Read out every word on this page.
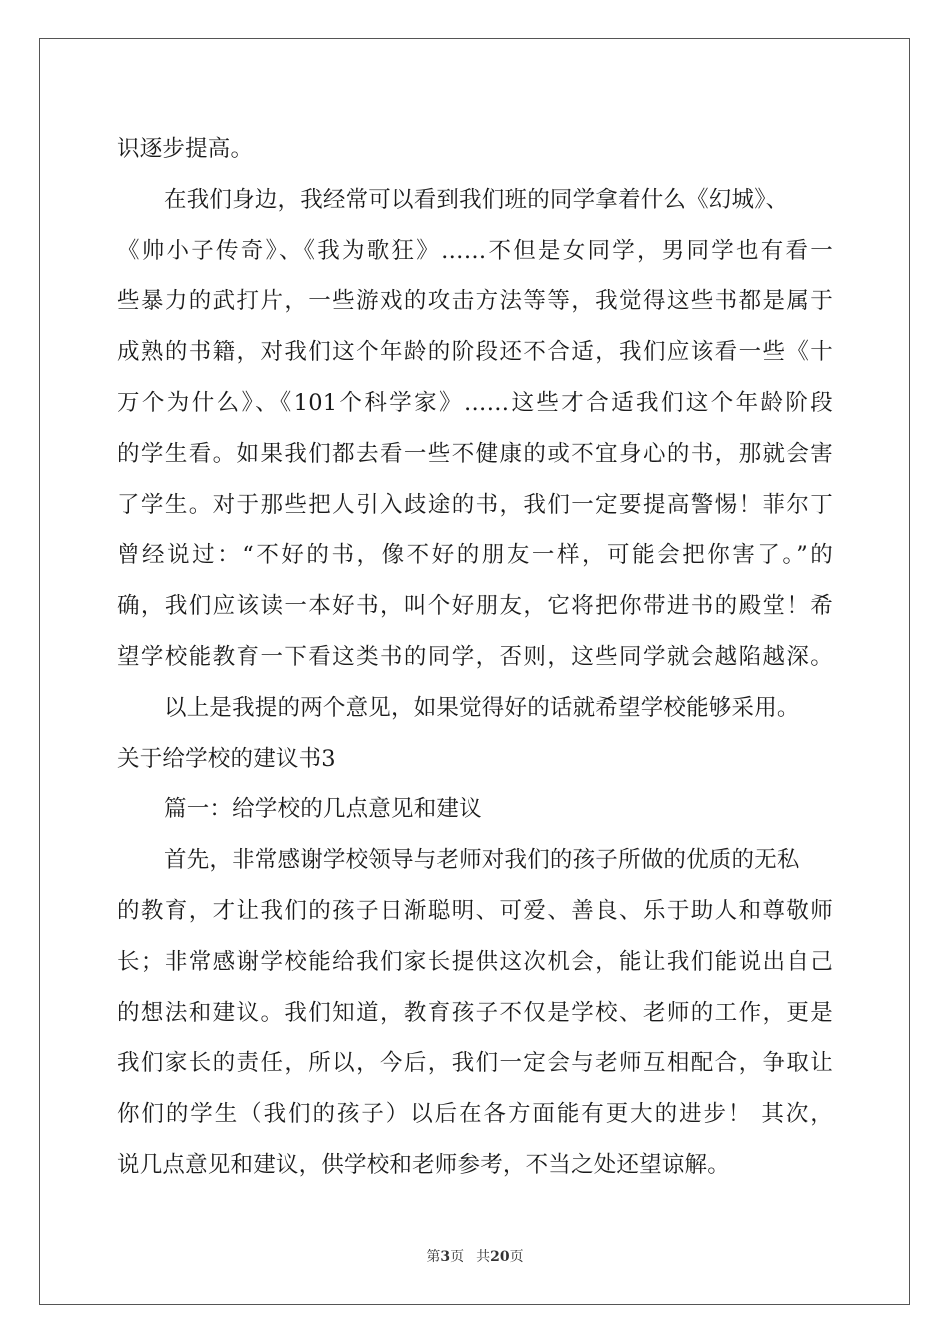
识逐步提高。
在我们身边，我经常可以看到我们班的同学拿着什么《幻城》、
《帅小子传奇》、《我为歌狂》……不但是女同学，男同学也有看一
些暴力的武打片，一些游戏的攻击方法等等，我觉得这些书都是属于
成熟的书籍，对我们这个年龄的阶段还不合适，我们应该看一些《十
万个为什么》、《101个科学家》……这些才合适我们这个年龄阶段
的学生看。如果我们都去看一些不健康的或不宜身心的书，那就会害
了学生。对于那些把人引入歧途的书，我们一定要提高警惕！菲尔丁
曾经说过：“不好的书，像不好的朋友一样，可能会把你害了。”的
确，我们应该读一本好书，叫个好朋友，它将把你带进书的殿堂！希
望学校能教育一下看这类书的同学，否则，这些同学就会越陷越深。
以上是我提的两个意见，如果觉得好的话就希望学校能够采用。
关于给学校的建议书3
篇一：给学校的几点意见和建议
首先，非常感谢学校领导与老师对我们的孩子所做的优质的无私
的教育，才让我们的孩子日渐聪明、可爱、善良、乐于助人和尊敬师
长；非常感谢学校能给我们家长提供这次机会，能让我们能说出自己
的想法和建议。我们知道，教育孩子不仅是学校、老师的工作，更是
我们家长的责任，所以，今后，我们一定会与老师互相配合，争取让
你们的学生（我们的孩子）以后在各方面能有更大的进步！ 其次，
说几点意见和建议，供学校和老师参考，不当之处还望谅解。
第3页 共20页
